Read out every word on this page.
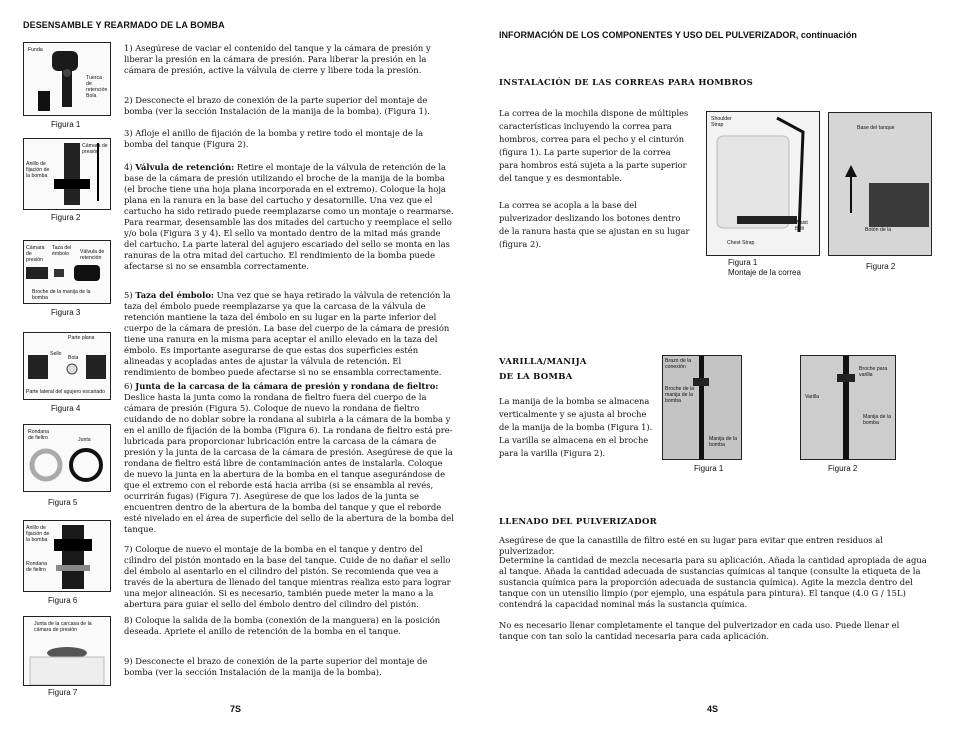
DESENSAMBLE Y REARMADO DE LA BOMBA
Funda
Tuerca de retención
Bola
Figura 1
Cámara de presión
Anillo de fijación de la bomba
Figura 2
Cámara de presión
Taza del émbolo	Válvula de retención
Broche de la manija de la bomba
Figura 3
Parte plana
Sello
Bola
Parte lateral del agujero escariado
Figura 4
Rondana de fieltro	Junta
Figura 5
Anillo de fijación de la bomba
Rondana de fieltro
Figura 6
Junta de la carcasa de la cámara de presión
Figura 7
1) Asegúrese de vaciar el contenido del tanque y la cámara de presión y liberar la presión en la cámara de presión. Para liberar la presión en la cámara de presión, active la válvula de cierre y libere toda la presión.
2) Desconecte el brazo de conexión de la parte superior del montaje de bomba (ver la sección Instalación de la manija de la bomba). (Figura 1).
3) Afloje el anillo de fijación de la bomba y retire todo el montaje de la bomba del tanque (Figura 2).
4) Válvula de retención: Retire el montaje de la válvula de retención de la base de la cámara de presión utilizando el broche de la manija de la bomba (el broche tiene una hoja plana incorporada en el extremo). Coloque la hoja plana en la ranura en la base del cartucho y desatornille. Una vez que el cartucho ha sido retirado puede reemplazarse como un montaje o rearmarse. Para rearmar, desensamble las dos mitades del cartucho y reemplace el sello y/o bola (Figura 3 y 4). El sello va montado dentro de la mitad más grande del cartucho. La parte lateral del agujero escariado del sello se monta en las ranuras de la otra mitad del cartucho. El rendimiento de la bomba puede afectarse si no se ensambla correctamente.
5) Taza del émbolo: Una vez que se haya retirado la válvula de retención la taza del émbolo puede reemplazarse ya que la carcasa de la válvula de retención mantiene la taza del émbolo en su lugar en la parte inferior del cuerpo de la cámara de presión. La base del cuerpo de la cámara de presión tiene una ranura en la misma para aceptar el anillo elevado en la taza del émbolo. Es importante asegurarse de que estas dos superficies estén alineadas y acopladas antes de ajustar la válvula de retención. El rendimiento de bombeo puede afectarse si no se ensambla correctamente.
6) Junta de la carcasa de la cámara de presión y rondana de fieltro: Deslice hasta la junta como la rondana de fieltro fuera del cuerpo de la cámara de presión (Figura 5). Coloque de nuevo la rondana de fieltro cuidando de no doblar sobre la rondana al subirla a la cámara de la bomba y en el anillo de fijación de la bomba (Figura 6). La rondana de fieltro está pre-lubricada para proporcionar lubricación entre la carcasa de la cámara de presión y la junta de la carcasa de la cámara de presión. Asegúrese de que la rondana de fieltro está libre de contaminación antes de instalarla. Coloque de nuevo la junta en la abertura de la bomba en el tanque asegurándose de que el extremo con el reborde está hacia arriba (si se ensambla al revés, ocurrirán fugas) (Figura 7). Asegúrese de que los lados de la junta se encuentren dentro de la abertura de la bomba del tanque y que el reborde esté nivelado en el área de superficie del sello de la abertura de la bomba del tanque.
7) Coloque de nuevo el montaje de la bomba en el tanque y dentro del cilindro del pistón montado en la base del tanque. Cuide de no dañar el sello del émbolo al asentarlo en el cilindro del pistón. Se recomienda que vea a través de la abertura de llenado del tanque mientras realiza esto para lograr una mejor alineación. Si es necesario, también puede meter la mano a la abertura para guiar el sello del émbolo dentro del cilindro del pistón.
8) Coloque la salida de la bomba (conexión de la manguera) en la posición deseada. Apriete el anillo de retención de la bomba en el tanque.
9) Desconecte el brazo de conexión de la parte superior del montaje de bomba (ver la sección Instalación de la manija de la bomba).
7S
INFORMACIÓN DE LOS COMPONENTES Y USO DEL PULVERIZADOR, continuación
INSTALACIÓN DE LAS CORREAS PARA HOMBROS
La correa de la mochila dispone de múltiples características incluyendo la correa para hombros, correa para el pecho y el cinturón (figura 1). La parte superior de la correa para hombros está sujeta a la parte superior del tanque y es desmontable.
La correa se acopla a la base del pulverizador deslizando los botones dentro de la ranura hasta que se ajustan en su lugar (figura 2).
Shoulder Strap
Waist Belt
Chest Strap
Figura 1
Montaje de la correa
Base del tanque
Botón de la
Figura 2
VARILLA/MANIJA
DE LA BOMBA
La manija de la bomba se almacena verticalmente y se ajusta al broche de la manija de la bomba (Figura 1). La varilla se almacena en el broche para la varilla (Figura 2).
Brazo de la conexión
Broche de la manija de la bomba
Manija de la bomba
Figura 1
Broche para varilla
Varilla
Manija de la bomba
Figura 2
LLENADO DEL PULVERIZADOR
Asegúrese de que la canastilla de filtro esté en su lugar para evitar que entren residuos al pulverizador.
Determine la cantidad de mezcla necesaria para su aplicación. Añada la cantidad apropiada de agua al tanque. Añada la cantidad adecuada de sustancias químicas al tanque (consulte la etiqueta de la sustancia química para la proporción adecuada de sustancia química). Agite la mezcla dentro del tanque con un utensilio limpio (por ejemplo, una espátula para pintura). El tanque (4.0 G / 15L) contendrá la capacidad nominal más la sustancia química.
No es necesario llenar completamente el tanque del pulverizador en cada uso. Puede llenar el tanque con tan solo la cantidad necesaria para cada aplicación.
4S
